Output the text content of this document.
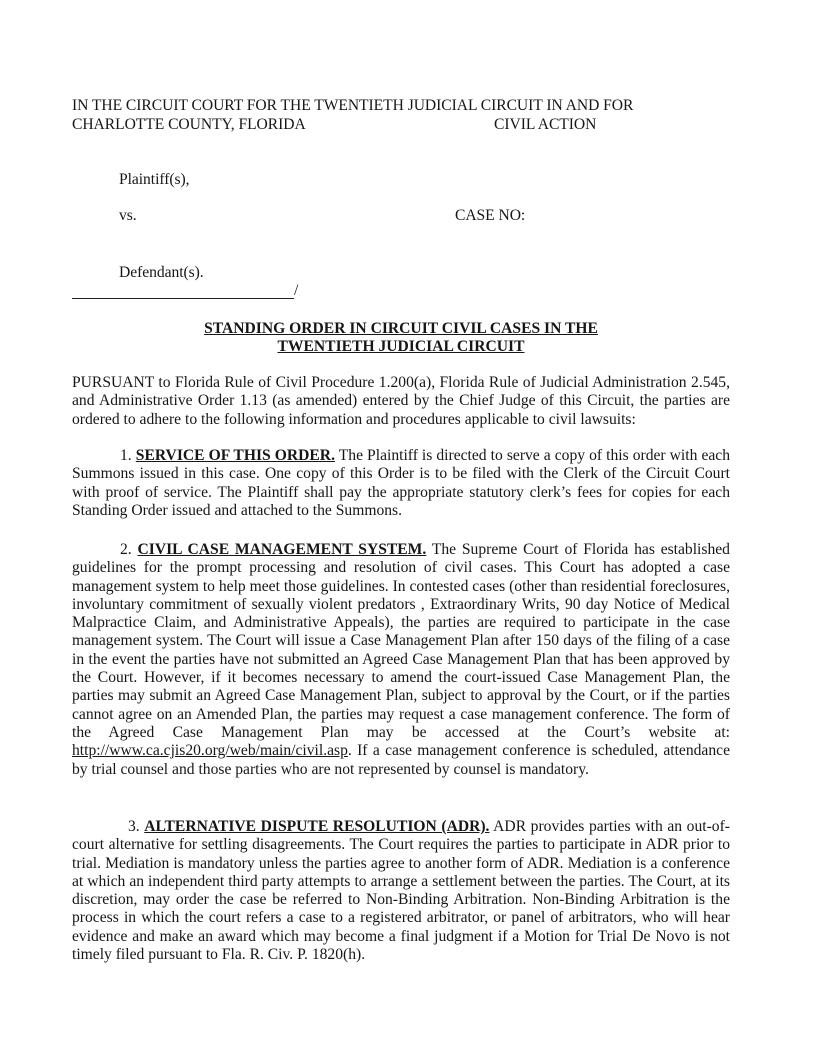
IN THE CIRCUIT COURT FOR THE TWENTIETH JUDICIAL CIRCUIT IN AND FOR
CHARLOTTE COUNTY, FLORIDA	CIVIL ACTION
Plaintiff(s),
vs.	CASE NO:
Defendant(s).
/
STANDING ORDER IN CIRCUIT CIVIL CASES IN THE
TWENTIETH JUDICIAL CIRCUIT
PURSUANT to Florida Rule of Civil Procedure 1.200(a), Florida Rule of Judicial Administration 2.545, and Administrative Order 1.13 (as amended) entered by the Chief Judge of this Circuit, the parties are ordered to adhere to the following information and procedures applicable to civil lawsuits:
1. SERVICE OF THIS ORDER. The Plaintiff is directed to serve a copy of this order with each Summons issued in this case. One copy of this Order is to be filed with the Clerk of the Circuit Court with proof of service. The Plaintiff shall pay the appropriate statutory clerk’s fees for copies for each Standing Order issued and attached to the Summons.
2. CIVIL CASE MANAGEMENT SYSTEM. The Supreme Court of Florida has established guidelines for the prompt processing and resolution of civil cases. This Court has adopted a case management system to help meet those guidelines. In contested cases (other than residential foreclosures, involuntary commitment of sexually violent predators , Extraordinary Writs, 90 day Notice of Medical Malpractice Claim, and Administrative Appeals), the parties are required to participate in the case management system. The Court will issue a Case Management Plan after 150 days of the filing of a case in the event the parties have not submitted an Agreed Case Management Plan that has been approved by the Court. However, if it becomes necessary to amend the court-issued Case Management Plan, the parties may submit an Agreed Case Management Plan, subject to approval by the Court, or if the parties cannot agree on an Amended Plan, the parties may request a case management conference. The form of the Agreed Case Management Plan may be accessed at the Court’s website at: http://www.ca.cjis20.org/web/main/civil.asp. If a case management conference is scheduled, attendance by trial counsel and those parties who are not represented by counsel is mandatory.
3. ALTERNATIVE DISPUTE RESOLUTION (ADR). ADR provides parties with an out-of-court alternative for settling disagreements. The Court requires the parties to participate in ADR prior to trial. Mediation is mandatory unless the parties agree to another form of ADR. Mediation is a conference at which an independent third party attempts to arrange a settlement between the parties. The Court, at its discretion, may order the case be referred to Non-Binding Arbitration. Non-Binding Arbitration is the process in which the court refers a case to a registered arbitrator, or panel of arbitrators, who will hear evidence and make an award which may become a final judgment if a Motion for Trial De Novo is not timely filed pursuant to Fla. R. Civ. P. 1820(h).
